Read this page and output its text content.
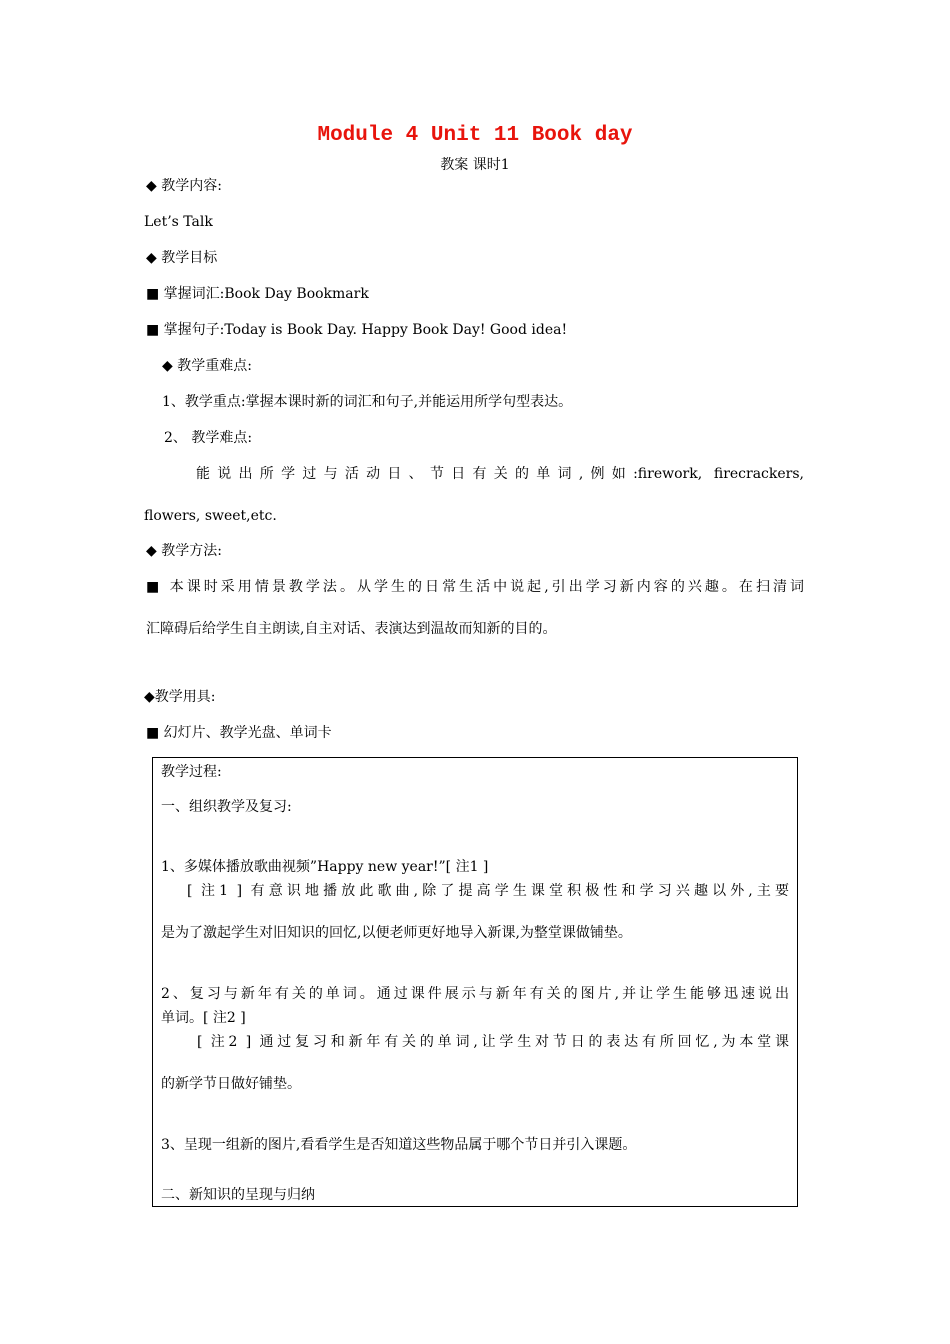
Module 4 Unit 11 Book day
教案 课时1
◆ 教学内容:
Let’s Talk
◆ 教学目标
■ 掌握词汇:Book Day Bookmark
■ 掌握句子:Today is Book Day. Happy Book Day! Good idea!
◆ 教学重难点:
1、教学重点:掌握本课时新的词汇和句子,并能运用所学句型表达。
2、 教学难点:
能说出所学过与活动日、节日有关的单词,例如:firework, firecrackers,
flowers, sweet,etc.
◆ 教学方法:
■ 本课时采用情景教学法。从学生的日常生活中说起,引出学习新内容的兴趣。在扫清词
汇障碍后给学生自主朗读,自主对话、表演达到温故而知新的目的。
◆教学用具:
■ 幻灯片、教学光盘、单词卡
教学过程:
一、组织教学及复习:
1、多媒体播放歌曲视频”Happy new year!”[ 注1 ]
[ 注1 ] 有意识地播放此歌曲,除了提高学生课堂积极性和学习兴趣以外,主要
是为了激起学生对旧知识的回忆,以便老师更好地导入新课,为整堂课做铺垫。
2、复习与新年有关的单词。通过课件展示与新年有关的图片,并让学生能够迅速说出
单词。[ 注2 ]
[ 注2 ] 通过复习和新年有关的单词,让学生对节日的表达有所回忆,为本堂课
的新学节日做好铺垫。
3、呈现一组新的图片,看看学生是否知道这些物品属于哪个节日并引入课题。
二、新知识的呈现与归纳
